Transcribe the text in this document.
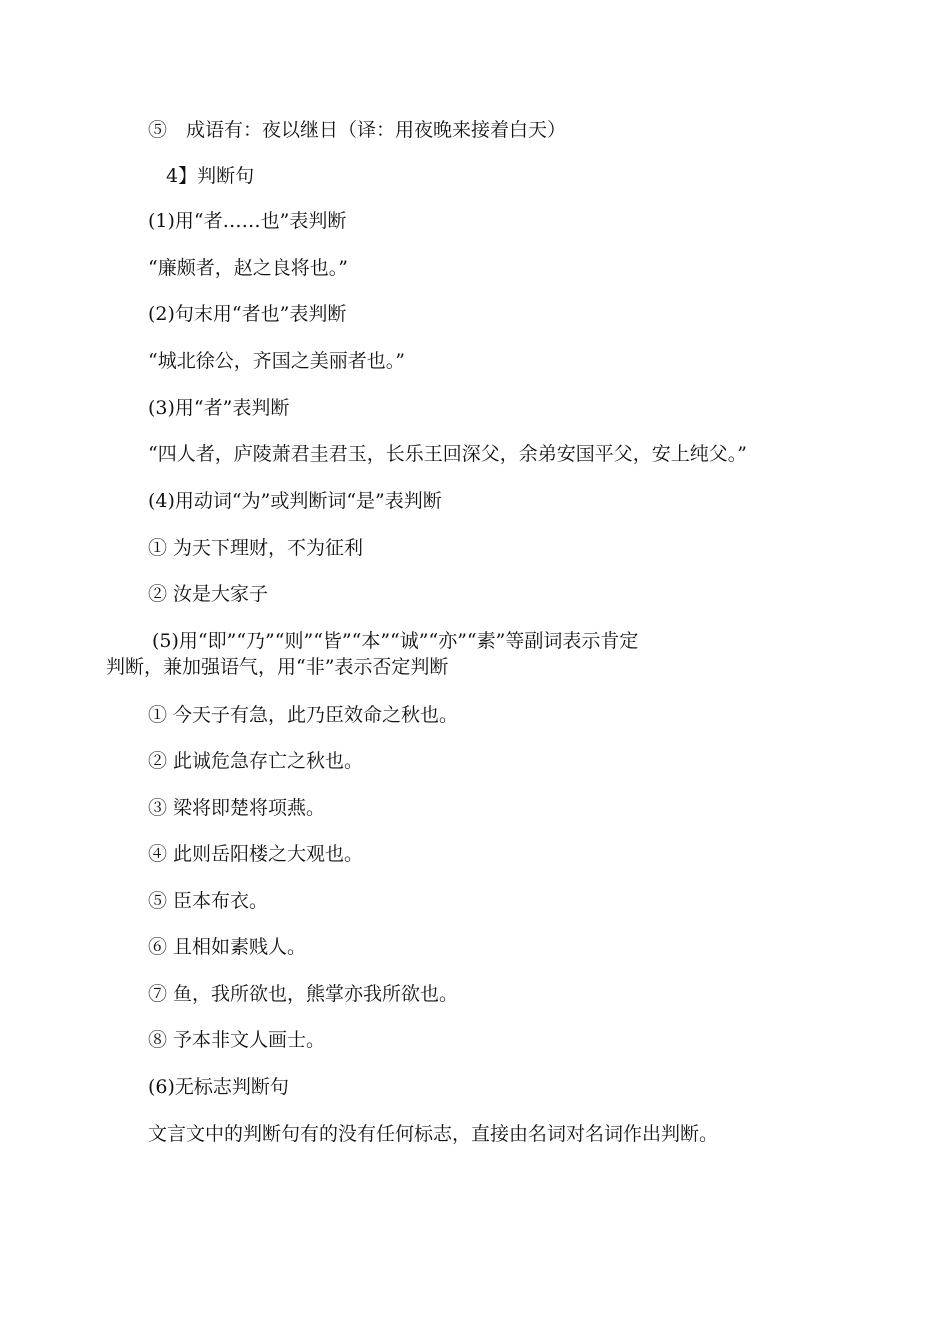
⑤　成语有：夜以继日（译：用夜晚来接着白天）
4】判断句
(1)用“者……也”表判断
“廉颇者，赵之良将也。”
(2)句末用“者也”表判断
“城北徐公，齐国之美丽者也。”
(3)用“者”表判断
“四人者，庐陵萧君圭君玉，长乐王回深父，余弟安国平父，安上纯父。”
(4)用动词“为”或判断词“是”表判断
① 为天下理财，不为征利
② 汝是大家子
(5)用“即”“乃”“则”“皆”“本”“诚”“亦”“素”等副词表示肯定
判断，兼加强语气，用“非”表示否定判断
① 今天子有急，此乃臣效命之秋也。
② 此诚危急存亡之秋也。
③ 梁将即楚将项燕。
④ 此则岳阳楼之大观也。
⑤ 臣本布衣。
⑥ 且相如素贱人。
⑦ 鱼，我所欲也，熊掌亦我所欲也。
⑧ 予本非文人画士。
(6)无标志判断句
文言文中的判断句有的没有任何标志，直接由名词对名词作出判断。
